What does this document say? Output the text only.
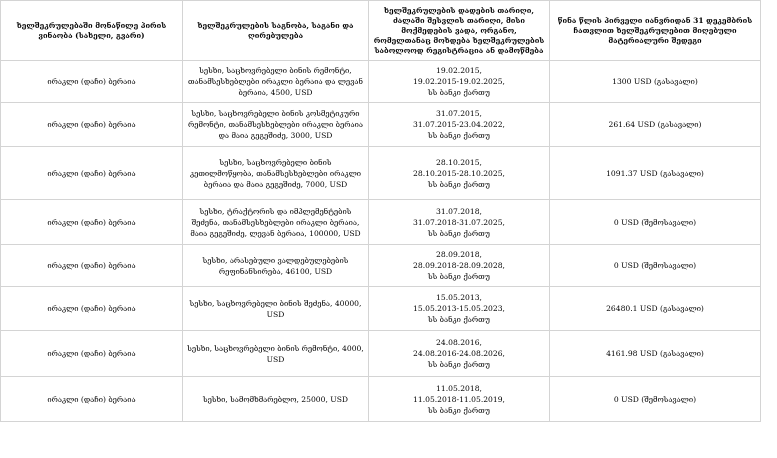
ხელშეკრულებაში მონაწილე პირის ვინაობა (სახელი, გვარი)	ხელშეკრულების საგნობა, საგანი და ღირებულება	ხელშეკრულების დადების თარიღი, ძალაში შესვლის თარიღი, მისი მოქმედების ვადა, ორგანო, რომელთანაც მოხდება ხელშეკრულების საბოლოოდ რეგისტრაცია ან დამოწმება	წინა წლის პირველი იანვრიდან 31 დეკემბრის ჩათვლით ხელშეკრულებით მიღებული მატერიალური შედეგი
ირაკლი (დაჩი) ბერაია	სესხი, საცხოვრებელი ბინის რემონტი, თანამსესხებლები ირაკლი ბერაია და ლევან ბერაია, 4500, USD	19.02.2015,
19.02.2015-19.02.2025,
სს ბანკი ქართუ	1300 USD (გასავალი)
ირაკლი (დაჩი) ბერაია	სესხი, საცხოვრებელი ბინის კოსმეტიკური რემონტი, თანამსესხებლები ირაკლი ბერაია და მაია გეგეშიძე, 3000, USD	31.07.2015,
31.07.2015-23.04.2022,
სს ბანკი ქართუ	261.64 USD (გასავალი)
ირაკლი (დაჩი) ბერაია	სესხი, საცხოვრებელი ბინის კეთილმოწყობა, თანამსესხებლები ირაკლი ბერაია და მაია გეგეშიძე, 7000, USD	28.10.2015,
28.10.2015-28.10.2025,
სს ბანკი ქართუ	1091.37 USD (გასავალი)
ირაკლი (დაჩი) ბერაია	სესხი, ტრაქტორის და იმპლემენტების შეძენა, თანამსესხებლები ირაკლი ბერაია, მაია გეგეშიძე, ლევან ბერაია, 100000, USD	31.07.2018,
31.07.2018-31.07.2025,
სს ბანკი ქართუ	0 USD (შემოსავალი)
ირაკლი (დაჩი) ბერაია	სესხი, არასებული ვალდებულებების რეფინანსირება, 46100, USD	28.09.2018,
28.09.2018-28.09.2028,
სს ბანკი ქართუ	0 USD (შემოსავალი)
ირაკლი (დაჩი) ბერაია	სესხი, საცხოვრებელი ბინის შეძენა, 40000, USD	15.05.2013,
15.05.2013-15.05.2023,
სს ბანკი ქართუ	26480.1 USD (გასავალი)
ირაკლი (დაჩი) ბერაია	სესხი, საცხოვრებელი ბინის რემონტი, 4000, USD	24.08.2016,
24.08.2016-24.08.2026,
სს ბანკი ქართუ	4161.98 USD (გასავალი)
ირაკლი (დაჩი) ბერაია	სესხი, სამომხმარებლო, 25000, USD	11.05.2018,
11.05.2018-11.05.2019,
სს ბანკი ქართუ	0 USD (შემოსავალი)
